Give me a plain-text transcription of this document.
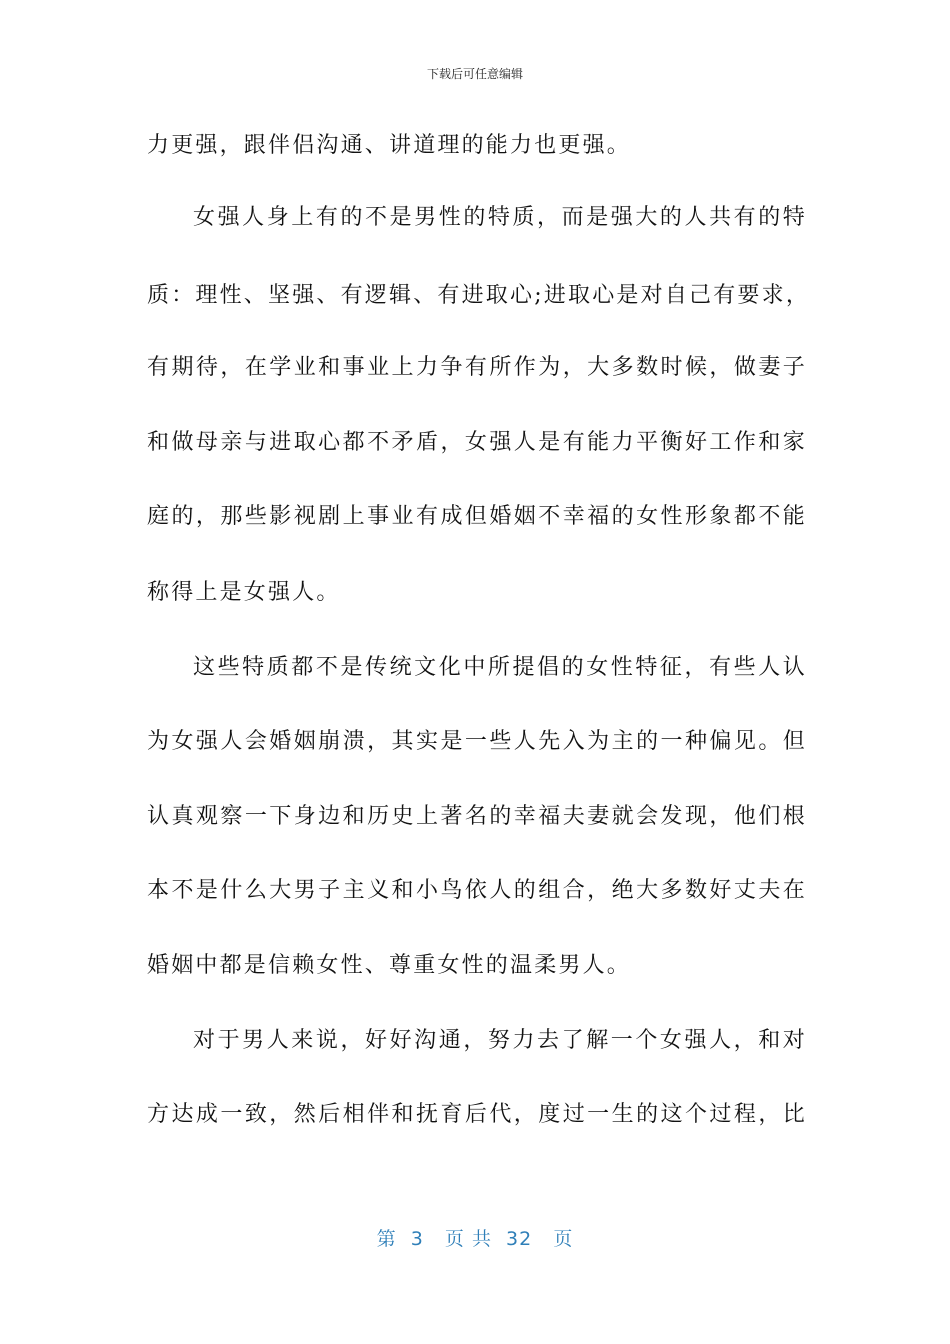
下载后可任意编辑
力更强，跟伴侣沟通、讲道理的能力也更强。
女强人身上有的不是男性的特质，而是强大的人共有的特
质：理性、坚强、有逻辑、有进取心;进取心是对自己有要求，
有期待，在学业和事业上力争有所作为，大多数时候，做妻子
和做母亲与进取心都不矛盾，女强人是有能力平衡好工作和家
庭的，那些影视剧上事业有成但婚姻不幸福的女性形象都不能
称得上是女强人。
这些特质都不是传统文化中所提倡的女性特征，有些人认
为女强人会婚姻崩溃，其实是一些人先入为主的一种偏见。但
认真观察一下身边和历史上著名的幸福夫妻就会发现，他们根
本不是什么大男子主义和小鸟依人的组合，绝大多数好丈夫在
婚姻中都是信赖女性、尊重女性的温柔男人。
对于男人来说，好好沟通，努力去了解一个女强人，和对
方达成一致，然后相伴和抚育后代，度过一生的这个过程，比
第  3   页 共  32   页
